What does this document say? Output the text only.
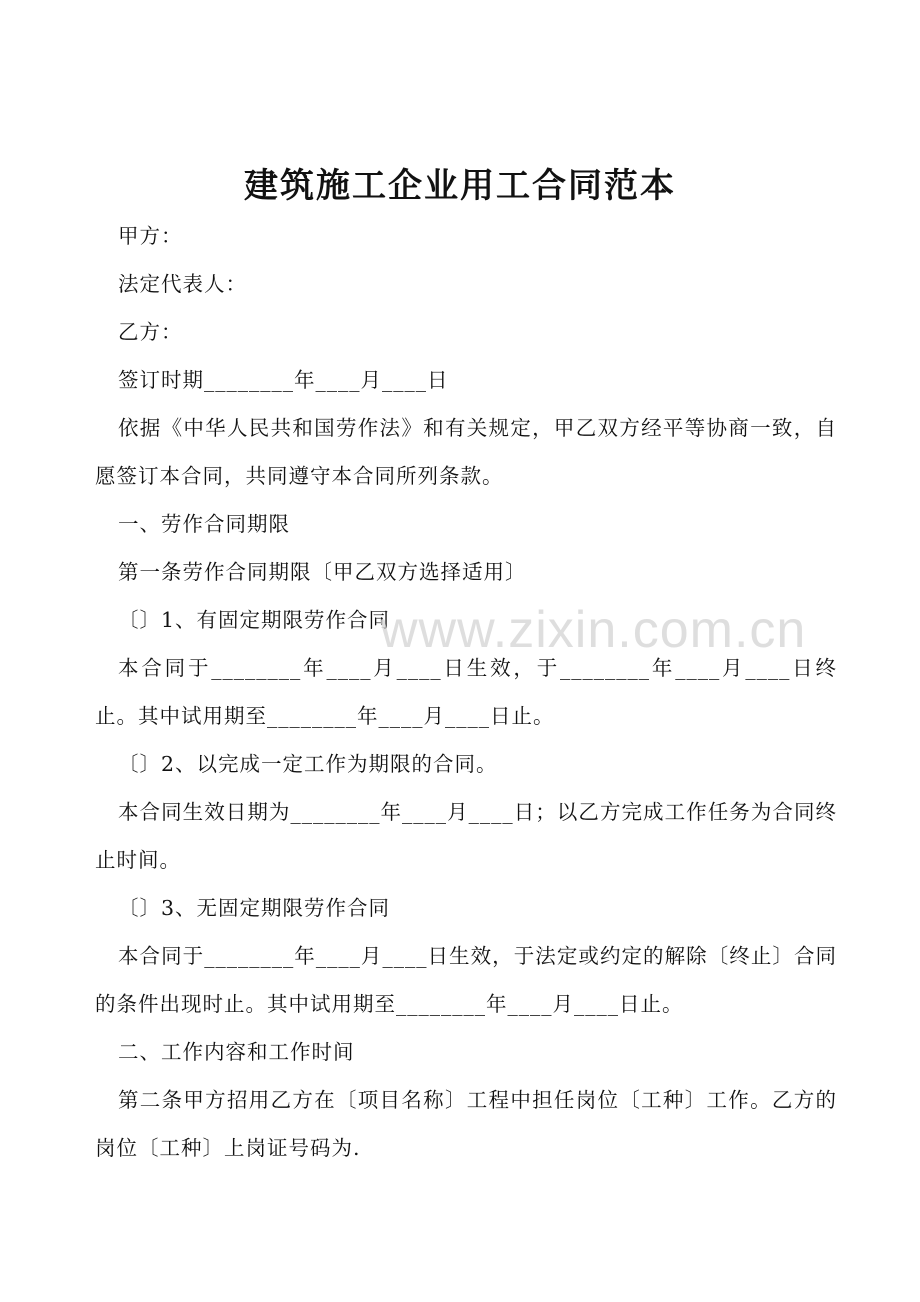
建筑施工企业用工合同范本

甲方：

法定代表人：

乙方：

签订时期________年____月____日

依据《中华人民共和国劳作法》和有关规定，甲乙双方经平等协商一致，自愿签订本合同，共同遵守本合同所列条款。

一、劳作合同期限

第一条劳作合同期限〔甲乙双方选择适用〕

〔〕1、有固定期限劳作合同

本合同于________年____月____日生效，于________年____月____日终止。其中试用期至________年____月____日止。

〔〕2、以完成一定工作为期限的合同。

本合同生效日期为________年____月____日；以乙方完成工作任务为合同终止时间。

〔〕3、无固定期限劳作合同

本合同于________年____月____日生效，于法定或约定的解除〔终止〕合同的条件出现时止。其中试用期至________年____月____日止。

二、工作内容和工作时间

第二条甲方招用乙方在〔项目名称〕工程中担任岗位〔工种〕工作。乙方的岗位〔工种〕上岗证号码为.

www.zixin.com.cn
